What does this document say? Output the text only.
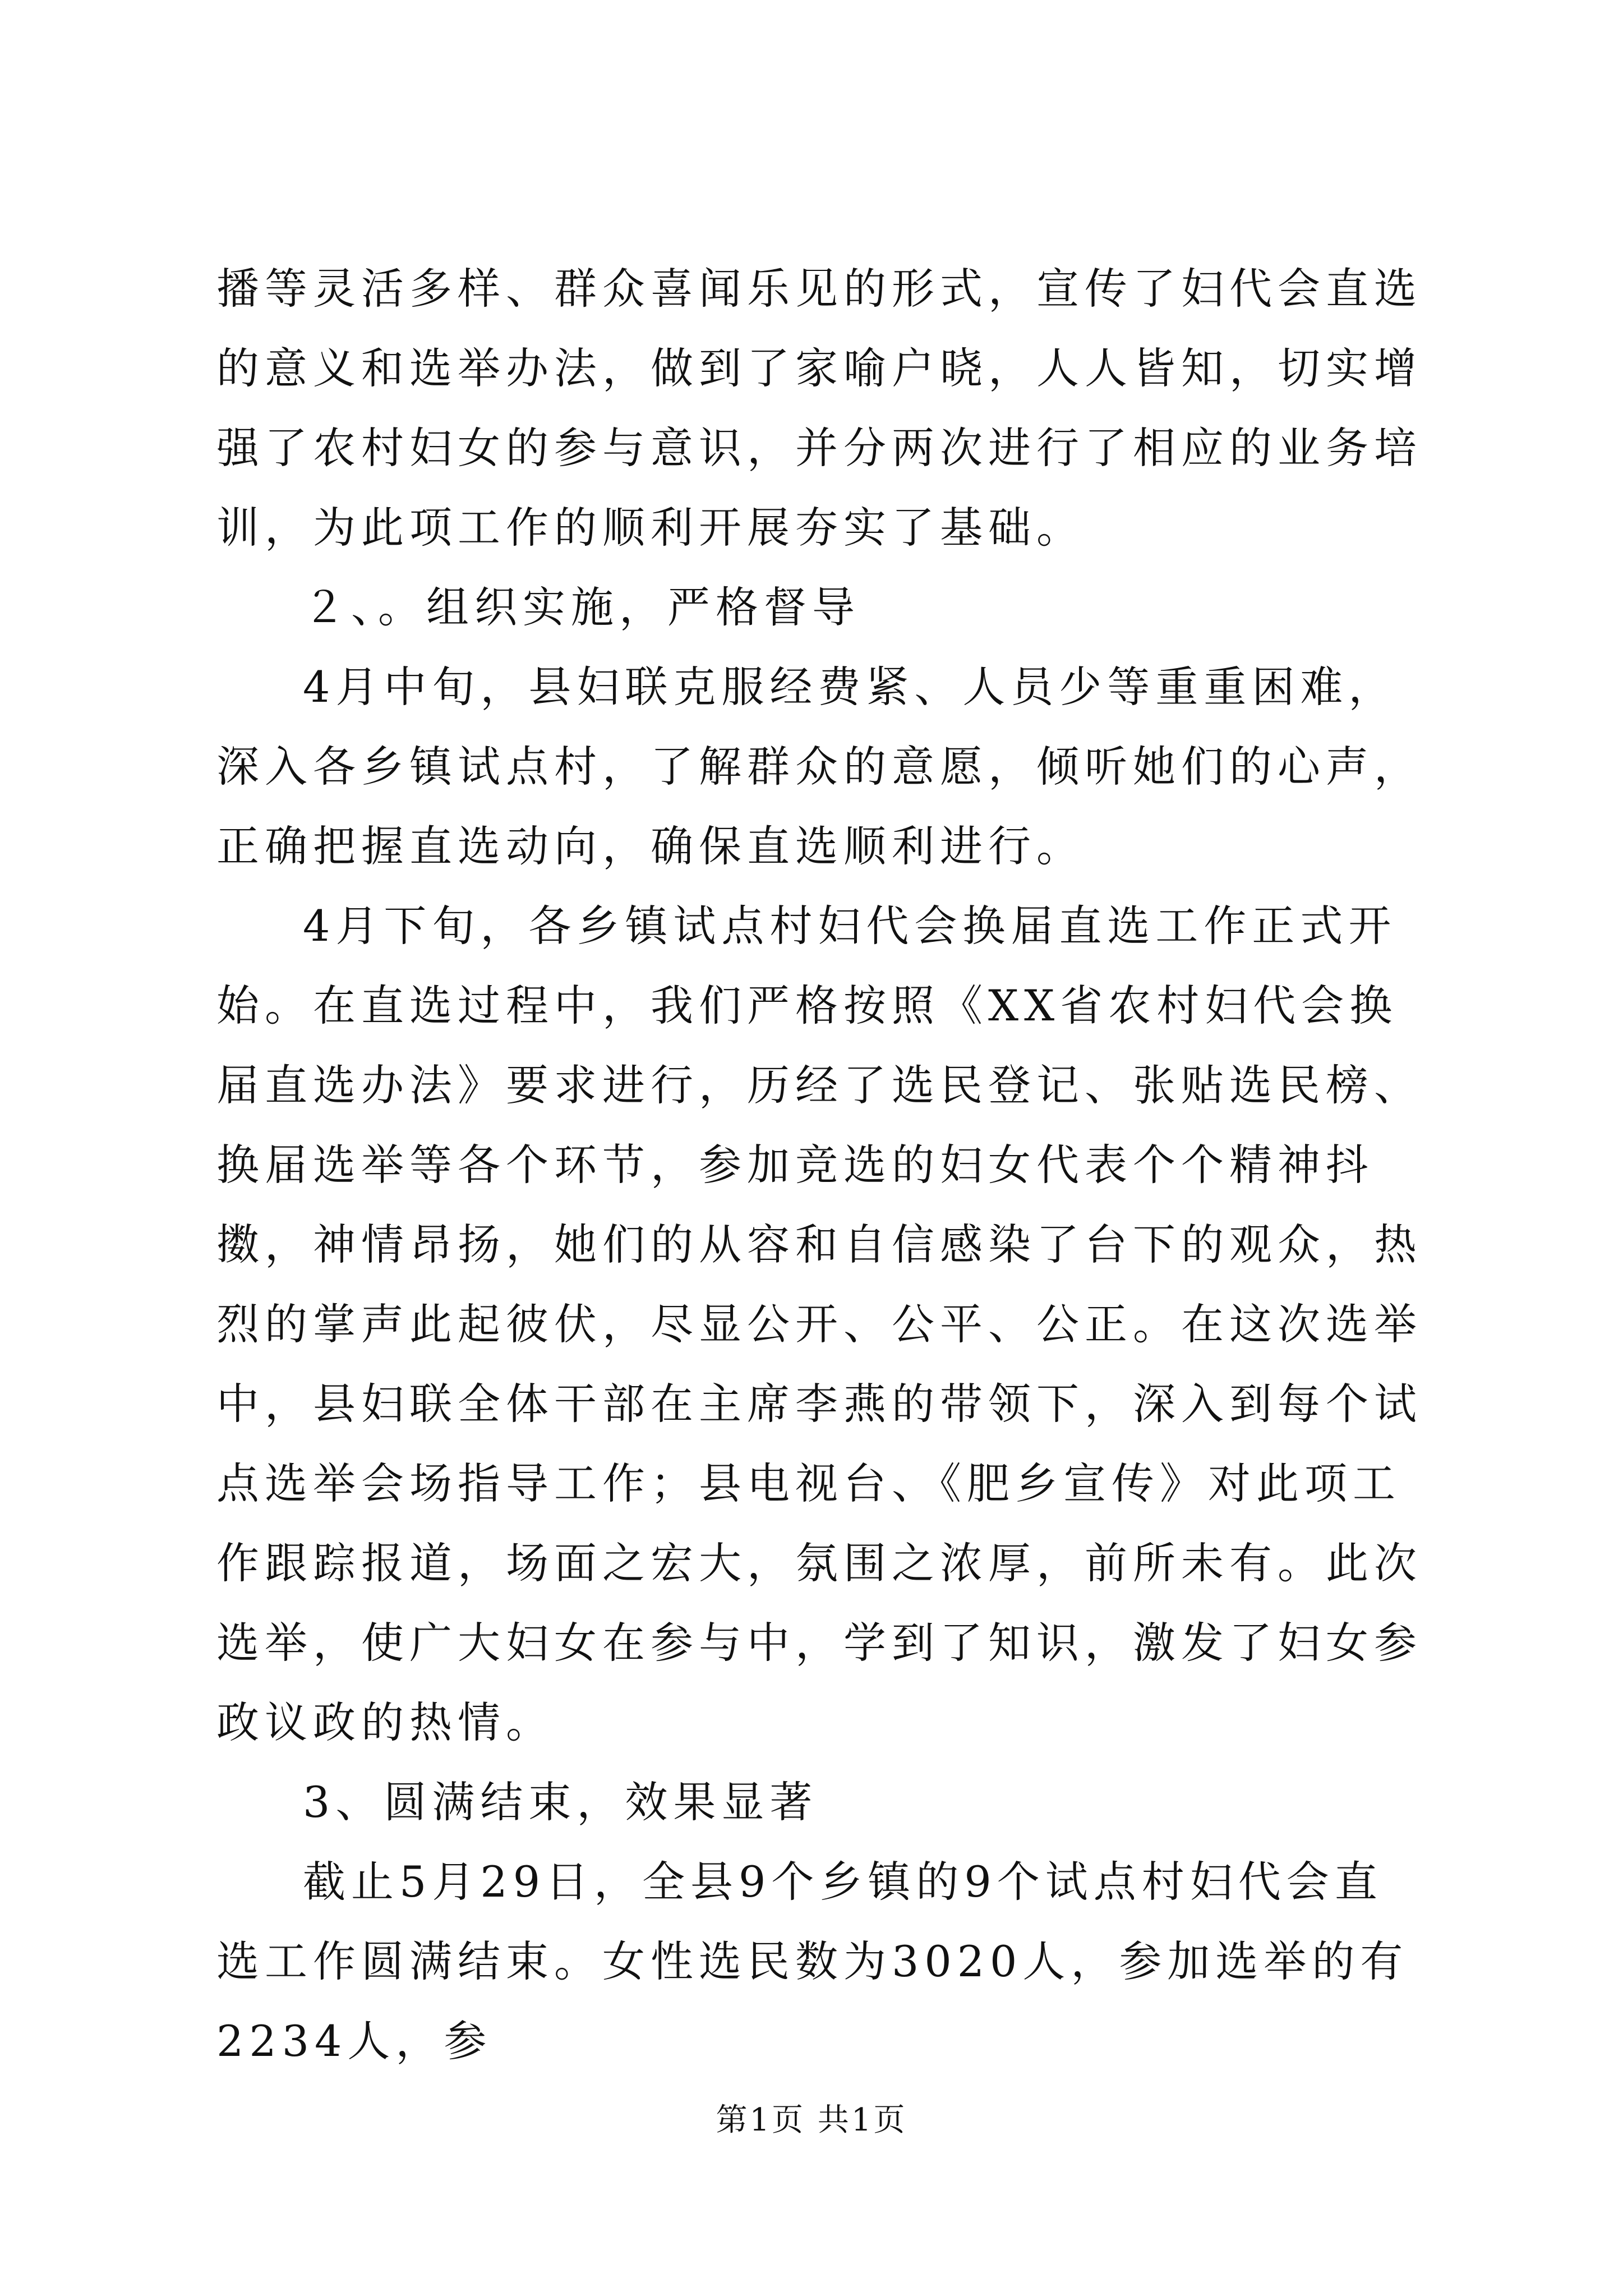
播等灵活多样、群众喜闻乐见的形式，宣传了妇代会直选的意义和选举办法，做到了家喻户晓，人人皆知，切实增强了农村妇女的参与意识，并分两次进行了相应的业务培训，为此项工作的顺利开展夯实了基础。

２、。组织实施，严格督导

4月中旬，县妇联克服经费紧、人员少等重重困难，深入各乡镇试点村，了解群众的意愿，倾听她们的心声，正确把握直选动向，确保直选顺利进行。

4月下旬，各乡镇试点村妇代会换届直选工作正式开始。在直选过程中，我们严格按照《XX省农村妇代会换届直选办法》要求进行，历经了选民登记、张贴选民榜、换届选举等各个环节，参加竞选的妇女代表个个精神抖擞，神情昂扬，她们的从容和自信感染了台下的观众，热烈的掌声此起彼伏，尽显公开、公平、公正。在这次选举中，县妇联全体干部在主席李燕的带领下，深入到每个试点选举会场指导工作；县电视台、《肥乡宣传》对此项工作跟踪报道，场面之宏大，氛围之浓厚，前所未有。此次选举，使广大妇女在参与中，学到了知识，激发了妇女参政议政的热情。

3、圆满结束，效果显著

截止5月29日，全县9个乡镇的9个试点村妇代会直选工作圆满结束。女性选民数为3020人，参加选举的有2234人，参

第1页 共1页
